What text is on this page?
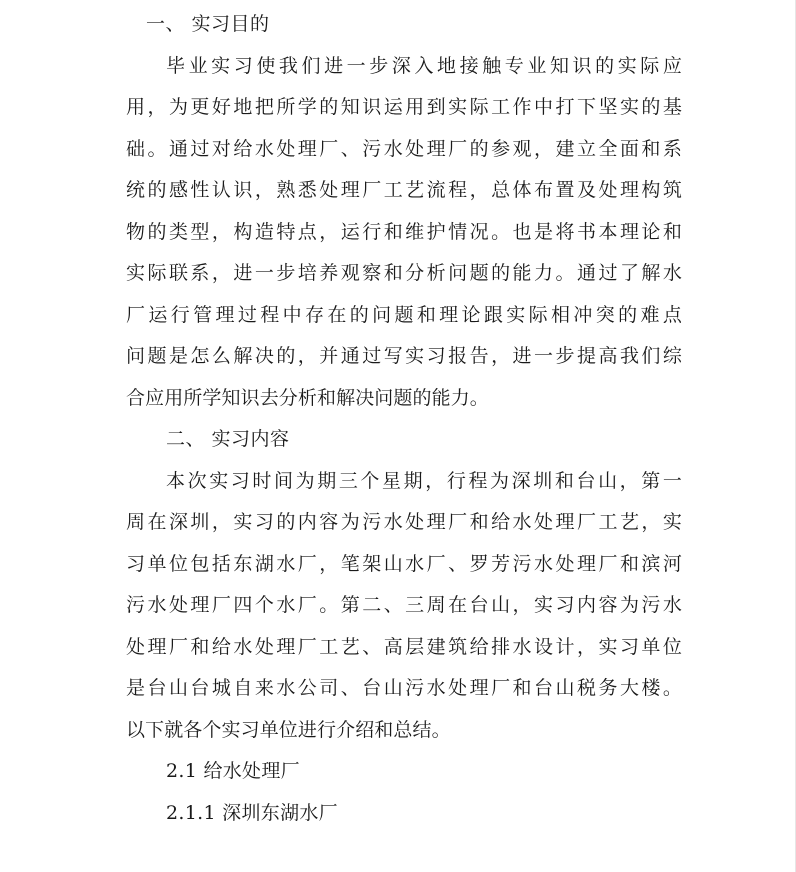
一、 实习目的
毕业实习使我们进一步深入地接触专业知识的实际应
用，为更好地把所学的知识运用到实际工作中打下坚实的基
础。通过对给水处理厂、污水处理厂的参观，建立全面和系
统的感性认识，熟悉处理厂工艺流程，总体布置及处理构筑
物的类型，构造特点，运行和维护情况。也是将书本理论和
实际联系，进一步培养观察和分析问题的能力。通过了解水
厂运行管理过程中存在的问题和理论跟实际相冲突的难点
问题是怎么解决的，并通过写实习报告，进一步提高我们综
合应用所学知识去分析和解决问题的能力。
二、 实习内容
本次实习时间为期三个星期，行程为深圳和台山，第一
周在深圳，实习的内容为污水处理厂和给水处理厂工艺，实
习单位包括东湖水厂，笔架山水厂、罗芳污水处理厂和滨河
污水处理厂四个水厂。第二、三周在台山，实习内容为污水
处理厂和给水处理厂工艺、高层建筑给排水设计，实习单位
是台山台城自来水公司、台山污水处理厂和台山税务大楼。
以下就各个实习单位进行介绍和总结。
2.1 给水处理厂
2.1.1 深圳东湖水厂
